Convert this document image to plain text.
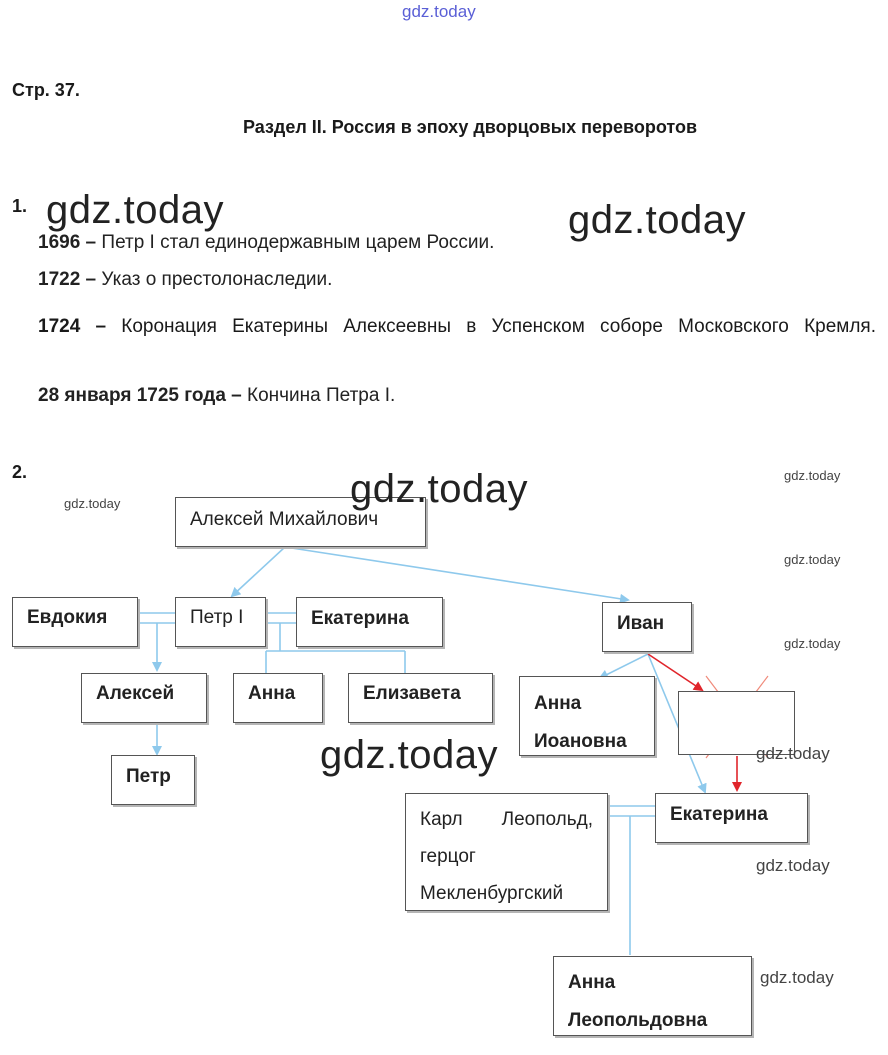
gdz.today
Стр. 37.
Раздел II. Россия в эпоху дворцовых переворотов
1.
1696 – Петр I стал единодержавным царем России.
1722 – Указ о престолонаследии.
1724 – Коронация Екатерины Алексеевны в Успенском соборе Московского Кремля.
28 января 1725 года – Кончина Петра I.
2.
Алексей Михайлович
Евдокия	Петр I	Екатерина	Иван
Алексей	Анна	Елизавета	Анна
Иоановна
Петр
Карл Леопольд,
герцог
Мекленбургский
Екатерина
Анна
Леопольдовна
gdz.today	gdz.today
gdz.today
gdz.today
gdz.today
gdz.today
gdz.today
gdz.today
gdz.today
gdz.today
gdz.today
